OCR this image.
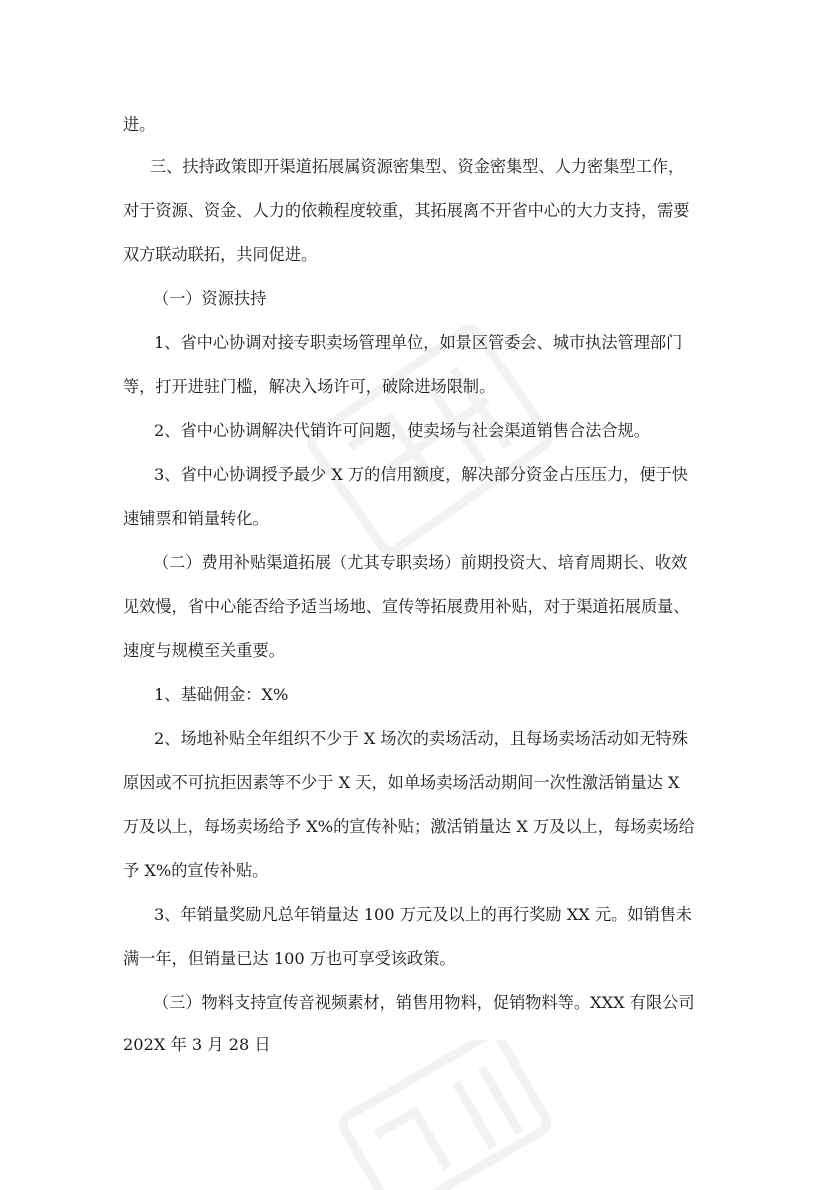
进。
三、扶持政策即开渠道拓展属资源密集型、资金密集型、人力密集型工作，
对于资源、资金、人力的依赖程度较重，其拓展离不开省中心的大力支持，需要
双方联动联拓，共同促进。
（一）资源扶持
1、省中心协调对接专职卖场管理单位，如景区管委会、城市执法管理部门
等，打开进驻门槛，解决入场许可，破除进场限制。
2、省中心协调解决代销许可问题，使卖场与社会渠道销售合法合规。
3、省中心协调授予最少 X 万的信用额度，解决部分资金占压压力，便于快
速铺票和销量转化。
（二）费用补贴渠道拓展（尤其专职卖场）前期投资大、培育周期长、收效
见效慢，省中心能否给予适当场地、宣传等拓展费用补贴，对于渠道拓展质量、
速度与规模至关重要。
1、基础佣金：X%
2、场地补贴全年组织不少于 X 场次的卖场活动，且每场卖场活动如无特殊
原因或不可抗拒因素等不少于 X 天，如单场卖场活动期间一次性激活销量达 X
万及以上，每场卖场给予 X%的宣传补贴；激活销量达 X 万及以上，每场卖场给
予 X%的宣传补贴。
3、年销量奖励凡总年销量达 100 万元及以上的再行奖励 XX 元。如销售未
满一年，但销量已达 100 万也可享受该政策。
（三）物料支持宣传音视频素材，销售用物料，促销物料等。XXX 有限公司
202X 年 3 月 28 日
